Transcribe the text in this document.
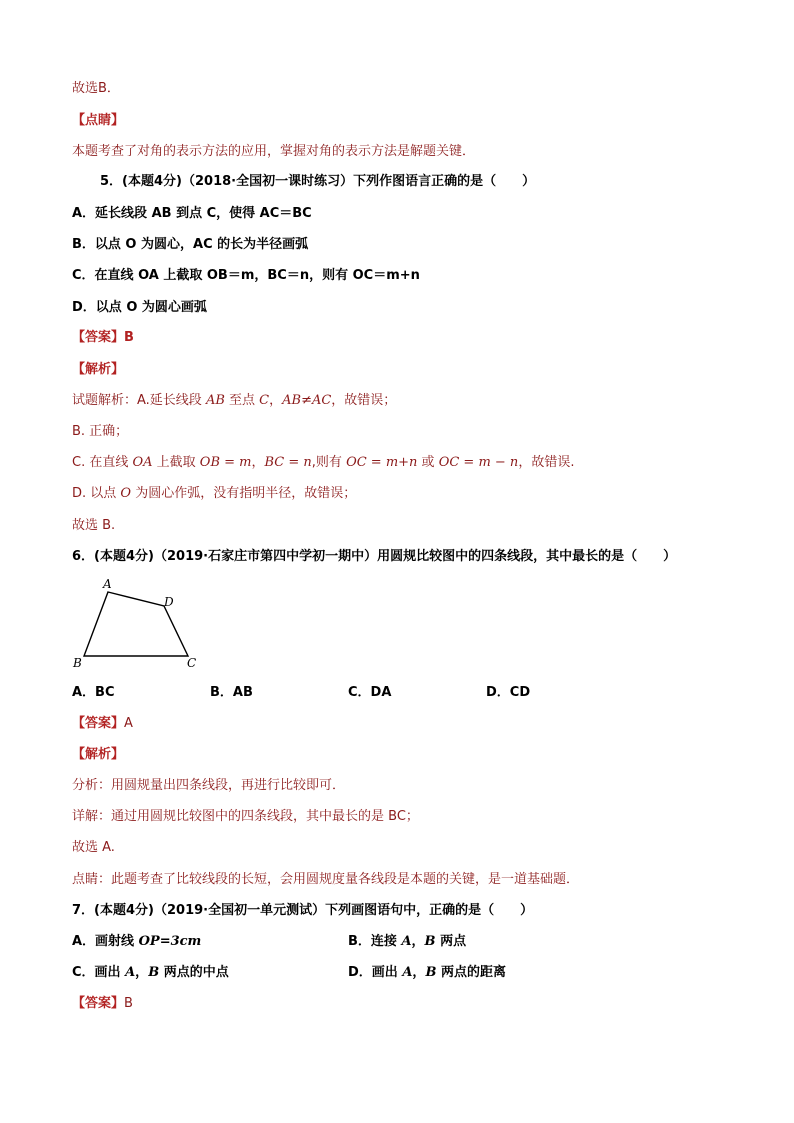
故选B．
【点睛】
本题考查了对角的表示方法的应用，掌握对角的表示方法是解题关键．
5．(本题4分)（2018·全国初一课时练习）下列作图语言正确的是（　　）
A．延长线段 AB 到点 C，使得 AC＝BC
B．以点 O 为圆心，AC 的长为半径画弧
C．在直线 OA 上截取 OB＝m，BC＝n，则有 OC＝m+n
D．以点 O 为圆心画弧
【答案】B
【解析】
试题解析：A.延长线段 AB 至点 C，AB≠AC，故错误；
B. 正确；
C. 在直线 OA 上截取 OB = m，BC = n,则有 OC = m+n 或 OC = m − n，故错误.
D. 以点 O 为圆心作弧，没有指明半径，故错误；
故选 B.
6．(本题4分)（2019·石家庄市第四中学初一期中）用圆规比较图中的四条线段，其中最长的是（　　）
A
D
B	C
A．BC	B．AB	C．DA	D．CD
【答案】A
【解析】
分析：用圆规量出四条线段，再进行比较即可．
详解：通过用圆规比较图中的四条线段，其中最长的是 BC；
故选 A.
点睛：此题考查了比较线段的长短，会用圆规度量各线段是本题的关键，是一道基础题．
7．(本题4分)（2019·全国初一单元测试）下列画图语句中，正确的是（　　）
A．画射线 OP=3cm	B．连接 A，B 两点
C．画出 A，B 两点的中点	D．画出 A，B 两点的距离
【答案】B
